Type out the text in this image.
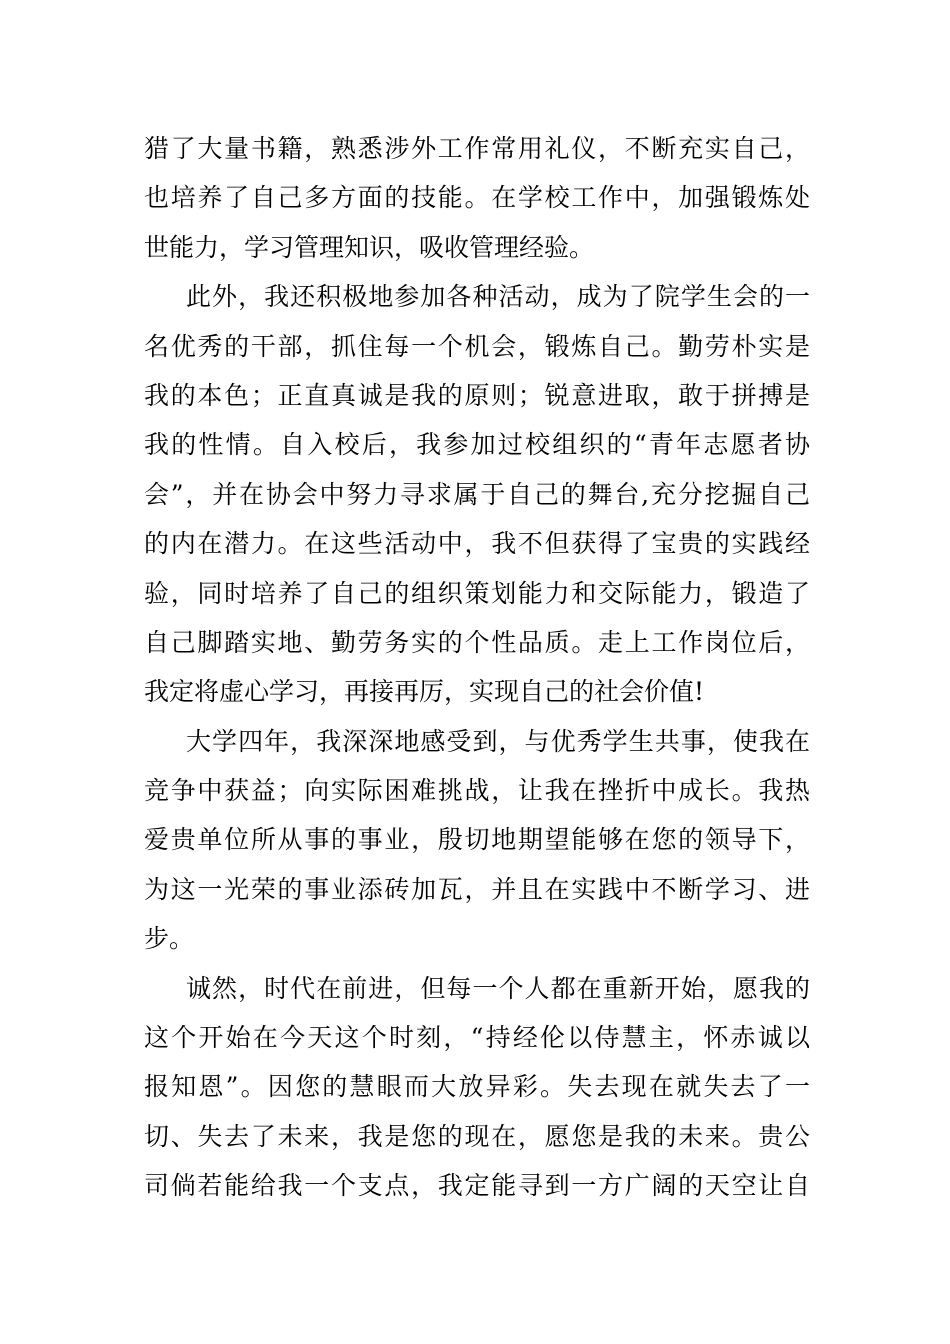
猎了大量书籍，熟悉涉外工作常用礼仪，不断充实自己，
也培养了自己多方面的技能。在学校工作中，加强锻炼处
世能力，学习管理知识，吸收管理经验。
此外，我还积极地参加各种活动，成为了院学生会的一
名优秀的干部，抓住每一个机会，锻炼自己。勤劳朴实是
我的本色；正直真诚是我的原则；锐意进取，敢于拼搏是
我的性情。自入校后，我参加过校组织的“青年志愿者协
会”，并在协会中努力寻求属于自己的舞台,充分挖掘自己
的内在潜力。在这些活动中，我不但获得了宝贵的实践经
验，同时培养了自己的组织策划能力和交际能力，锻造了
自己脚踏实地、勤劳务实的个性品质。走上工作岗位后，
我定将虚心学习，再接再厉，实现自己的社会价值!
大学四年，我深深地感受到，与优秀学生共事，使我在
竞争中获益；向实际困难挑战，让我在挫折中成长。我热
爱贵单位所从事的事业，殷切地期望能够在您的领导下，
为这一光荣的事业添砖加瓦，并且在实践中不断学习、进
步。
诚然，时代在前进，但每一个人都在重新开始，愿我的
这个开始在今天这个时刻，“持经伦以侍慧主，怀赤诚以
报知恩”。因您的慧眼而大放异彩。失去现在就失去了一
切、失去了未来，我是您的现在，愿您是我的未来。贵公
司倘若能给我一个支点，我定能寻到一方广阔的天空让自
